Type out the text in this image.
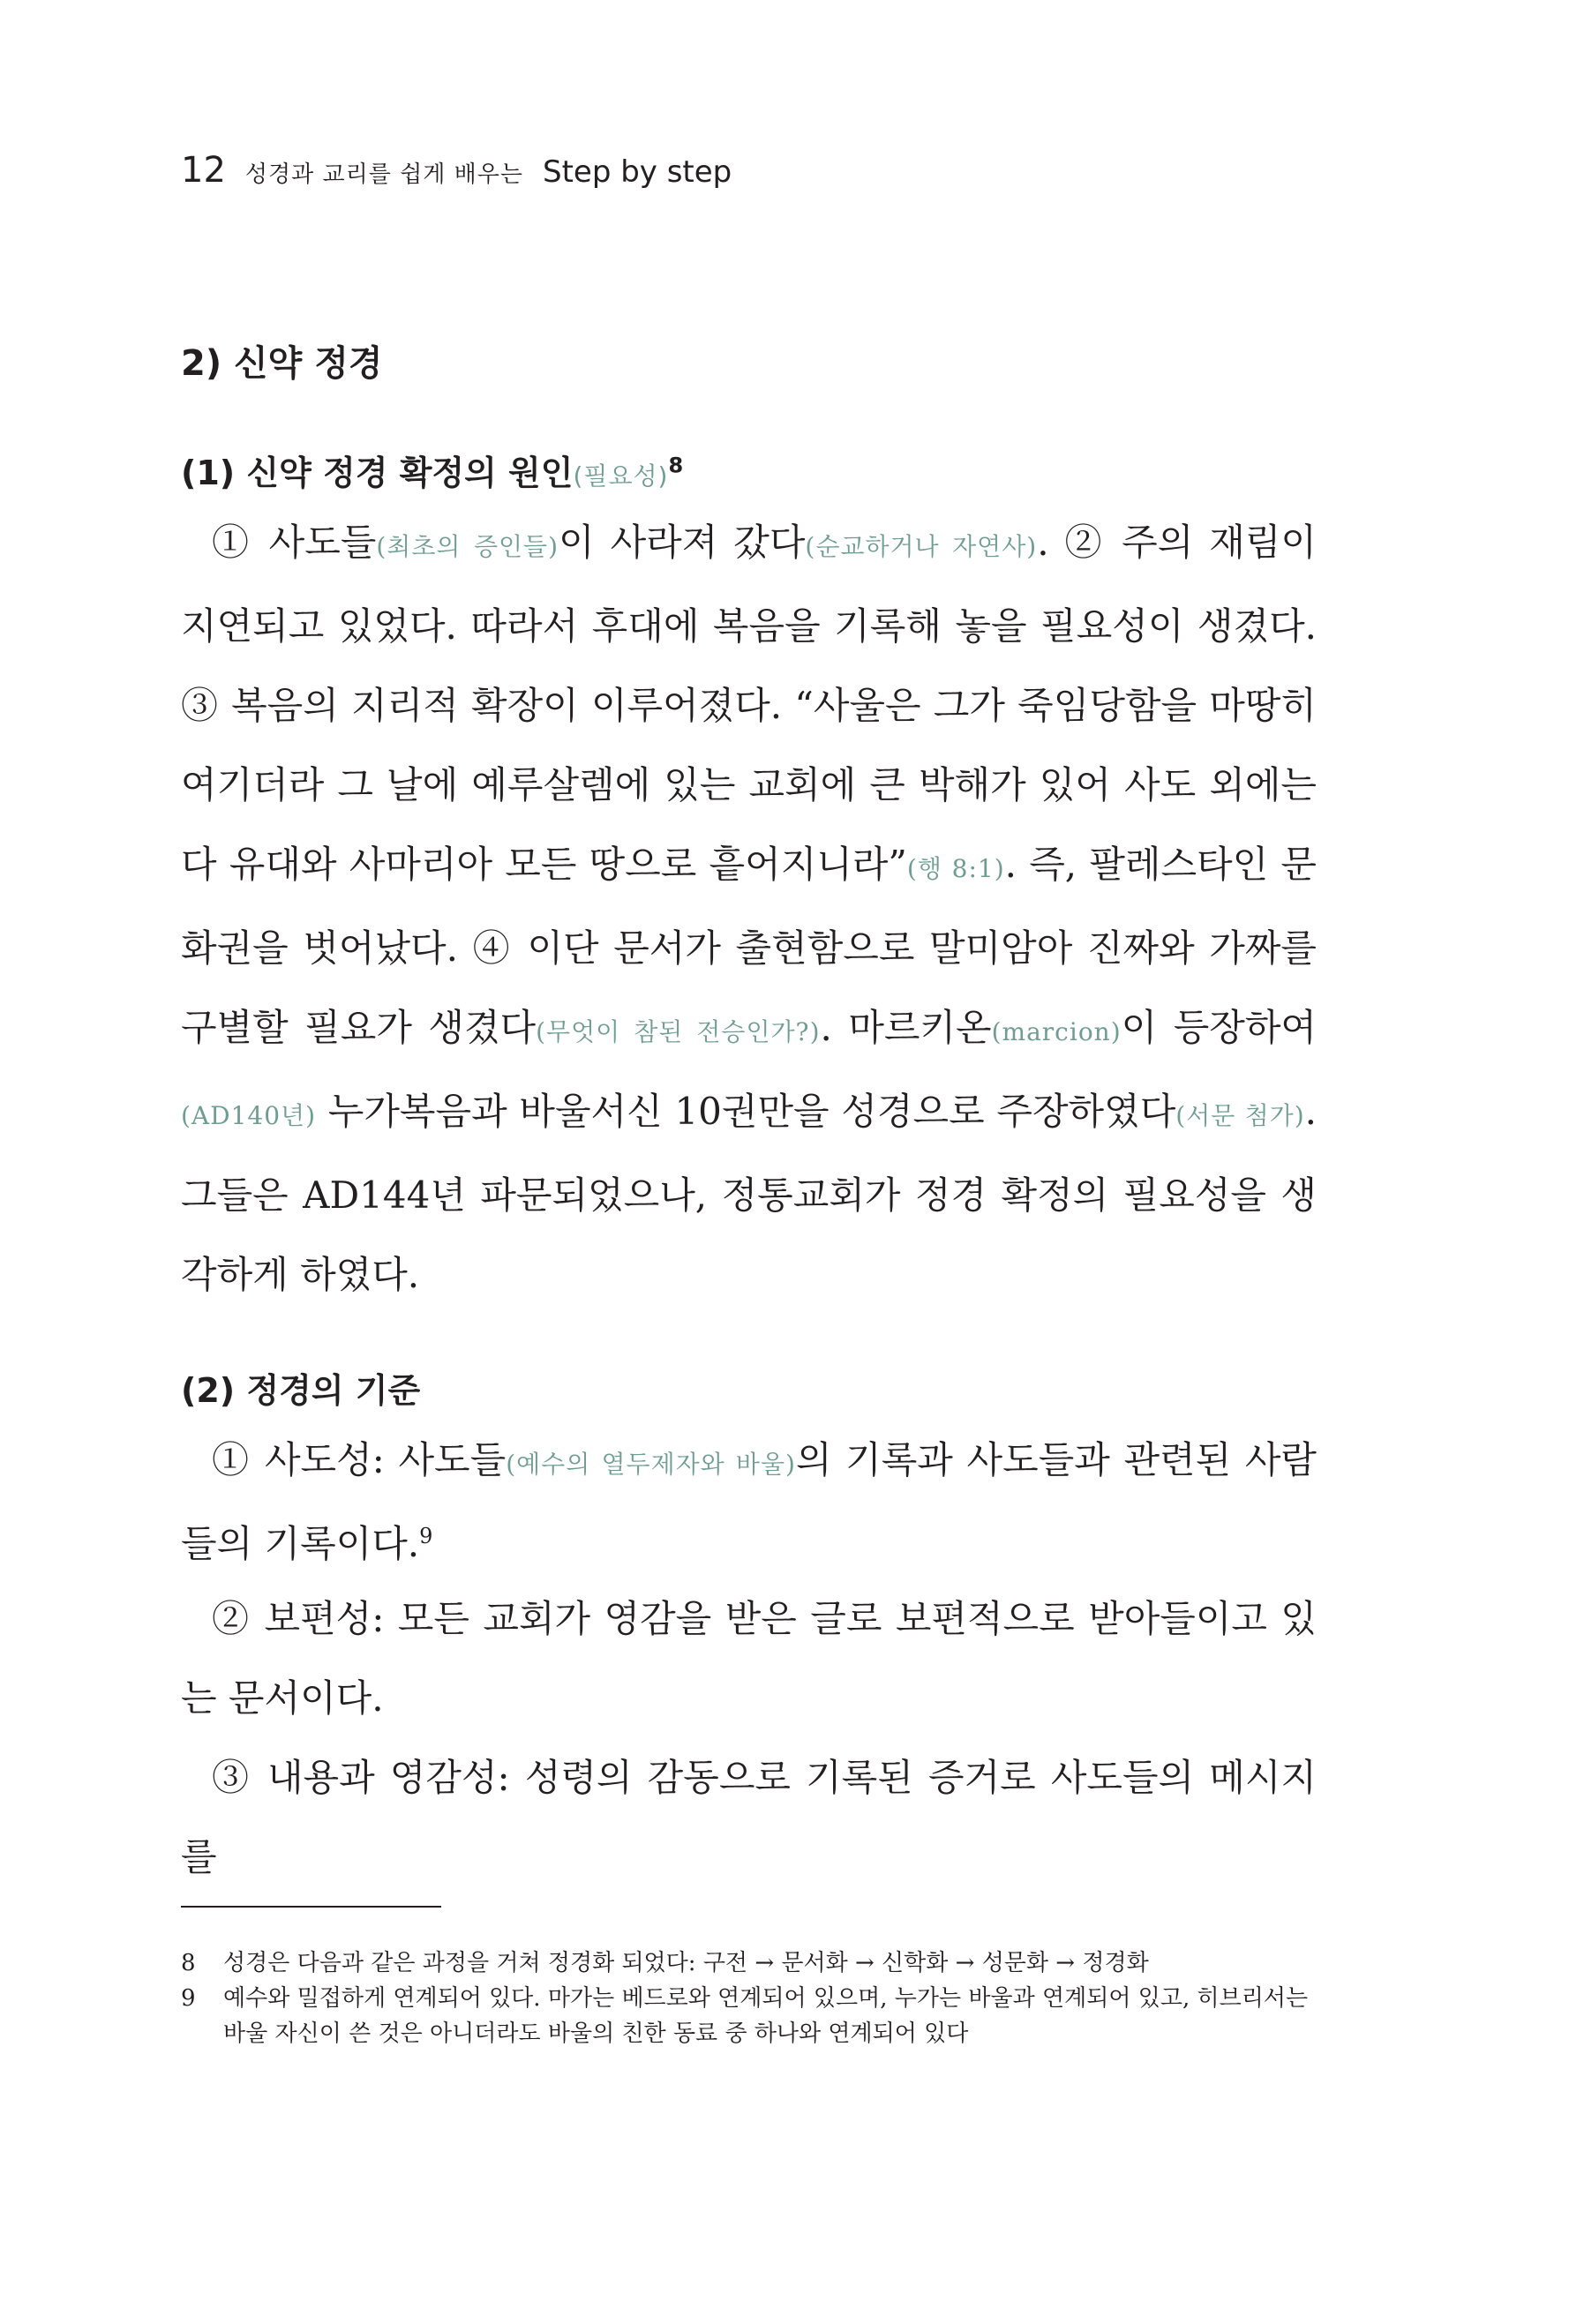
12 성경과 교리를 쉽게 배우는 Step by step
2) 신약 정경
(1) 신약 정경 확정의 원인(필요성)$^8$

① 사도들(최초의 증인들)이 사라져 갔다(순교하거나 자연사). ② 주의 재림이 지연되고 있었다. 따라서 후대에 복음을 기록해 놓을 필요성이 생겼다. ③ 복음의 지리적 확장이 이루어졌다. “사울은 그가 죽임당함을 마땅히 여기더라 그 날에 예루살렘에 있는 교회에 큰 박해가 있어 사도 외에는 다 유대와 사마리아 모든 땅으로 흩어지니라”(행 8:1). 즉, 팔레스타인 문화권을 벗어났다. ④ 이단 문서가 출현함으로 말미암아 진짜와 가짜를 구별할 필요가 생겼다(무엇이 참된 전승인가?). 마르키온(marcion)이 등장하여(AD140년) 누가복음과 바울서신 10권만을 성경으로 주장하였다(서문 첨가). 그들은 AD144년 파문되었으나, 정통교회가 정경 확정의 필요성을 생각하게 하였다.

(2) 정경의 기준

① 사도성: 사도들(예수의 열두제자와 바울)의 기록과 사도들과 관련된 사람들의 기록이다.$^9$

② 보편성: 모든 교회가 영감을 받은 글로 보편적으로 받아들이고 있는 문서이다.

③ 내용과 영감성: 성령의 감동으로 기록된 증거로 사도들의 메시지를

8	성경은 다음과 같은 과정을 거쳐 정경화 되었다: 구전 → 문서화 → 신학화 → 성문화 → 정경화
9	예수와 밀접하게 연계되어 있다. 마가는 베드로와 연계되어 있으며, 누가는 바울과 연계되어 있고, 히브리서는 바울 자신이 쓴 것은 아니더라도 바울의 친한 동료 중 하나와 연계되어 있다
